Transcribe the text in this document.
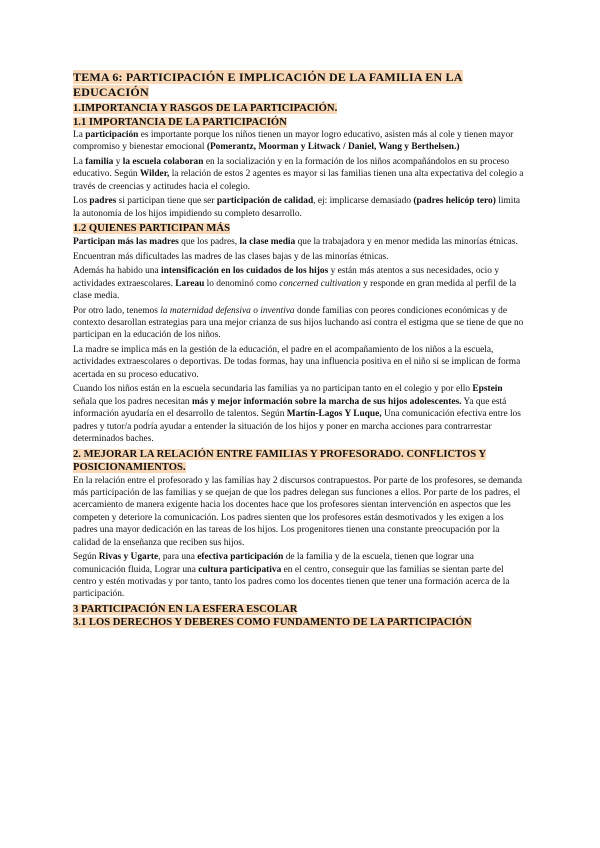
TEMA 6: PARTICIPACIÓN E IMPLICACIÓN DE LA FAMILIA EN LA EDUCACIÓN
1.IMPORTANCIA Y RASGOS DE LA PARTICIPACIÓN.
1.1 IMPORTANCIA DE LA PARTICIPACIÓN

La participación es importante porque los niños tienen un mayor logro educativo, asisten más al cole y tienen mayor compromiso y bienestar emocional (Pomerantz, Moorman y Litwack / Daniel, Wang y Berthelsen.)

La familia y la escuela colaboran en la socialización y en la formación de los niños acompañándolos en su proceso educativo. Según Wilder, la relación de estos 2 agentes es mayor si las familias tienen una alta expectativa del colegio a través de creencias y actitudes hacia el colegio.

Los padres si participan tiene que ser participación de calidad, ej: implicarse demasiado (padres helicóp tero) limita la autonomía de los hijos impidiendo su completo desarrollo.

1.2 QUIENES PARTICIPAN MÁS

Participan más las madres que los padres, la clase media que la trabajadora y en menor medida las minorías étnicas.

Encuentran más dificultades las madres de las clases bajas y de las minorías étnicas.

Además ha habido una intensificación en los cuidados de los hijos y están más atentos a sus necesidades, ocio y actividades extraescolares. Lareau lo denominó como concerned cultivation y responde en gran medida al perfil de la clase media.

Por otro lado, tenemos la maternidad defensiva o inventiva donde familias con peores condiciones económicas y de contexto desarollan estrategias para una mejor crianza de sus hijos luchando así contra el estigma que se tiene de que no participan en la educación de los niños.

La madre se implica más en la gestión de la educación, el padre en el acompañamiento de los niños a la escuela, actividades extraescolares o deportivas. De todas formas, hay una influencia positiva en el niño si se implican de forma acertada en su proceso educativo.

Cuando los niños están en la escuela secundaria las familias ya no participan tanto en el colegio y por ello Epstein señala que los padres necesitan más y mejor información sobre la marcha de sus hijos adolescentes. Ya que está información ayudaría en el desarrollo de talentos. Según Martín-Lagos Y Luque, Una comunicación efectiva entre los padres y tutor/a podría ayudar a entender la situación de los hijos y poner en marcha acciones para contrarrestar determinados baches.

2. MEJORAR LA RELACIÓN ENTRE FAMILIAS Y PROFESORADO. CONFLICTOS Y POSICIONAMIENTOS.

En la relación entre el profesorado y las familias hay 2 discursos contrapuestos. Por parte de los profesores, se demanda más participación de las familias y se quejan de que los padres delegan sus funciones a ellos. Por parte de los padres, el acercamiento de manera exigente hacia los docentes hace que los profesores sientan intervención en aspectos que les competen y deteriore la comunicación. Los padres sienten que los profesores están desmotivados y les exigen a los padres una mayor dedicación en las tareas de los hijos. Los progenitores tienen una constante preocupación por la calidad de la enseñanza que reciben sus hijos.

Según Rivas y Ugarte, para una efectiva participación de la familia y de la escuela, tienen que lograr una comunicación fluida, Lograr una cultura participativa en el centro, conseguir que las familias se sientan parte del centro y estén motivadas y por tanto, tanto los padres como los docentes tienen que tener una formación acerca de la participación.

3 PARTICIPACIÓN EN LA ESFERA ESCOLAR
3.1 LOS DERECHOS Y DEBERES COMO FUNDAMENTO DE LA PARTICIPACIÓN
